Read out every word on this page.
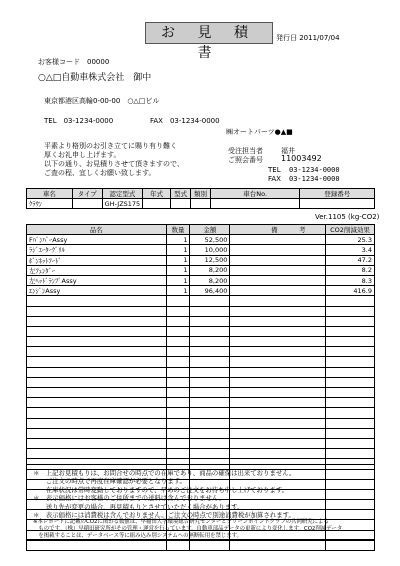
お 見 積 書
発行日 2011/07/04
お客様コード　00000
○△□自動車株式会社　御中
東京都港区高輪0-00-00　○△□ビル
TEL　03-1234-0000	FAX　03-1234-0000
㈱オートパーツ●▲■
平素より格別のお引き立てに賜り有り難く
厚くお礼申し上げます。
以下の通り、お見積りさせて頂きますので、
ご査の程、宜しくお願い致します。
受注担当者	福井
ご照会番号 11003492
TEL 03-1234-0000
FAX 03-1234-0000
車名	タイプ	認定型式	年式	型式	類別	車台No.	登録番号
ｸﾗｳﾝ		GH-JZS175					
Ver.1105 (kg-CO2)
品名	数量	金額	備	考	CO2削減効果
FﾊﾞﾝﾊﾟｰAssy	1	52,500			25.3
ﾗｼﾞｴｰﾀｰｸﾞﾘﾙ	1	10,000			3.4
ﾎﾞﾝﾈｯﾄﾌｰﾄﾞ	1	12,500			47.2
左ﾌｪﾝﾀﾞｰ	1	8,200			8.2
左ﾍｯﾄﾞﾗﾝﾌﾟAssy	1	8,200			8.3
ｴﾝｼﾞﾝAssy	1	96,400			416.9

＊　上記お見積もりは、お問合せの時点での在庫であり、商品の確保は出来ておりません。
　　ご注文の時点で再度在庫確認が必要となります。
　　在庫状況は常時変動しておりますので、早めのご注文をお待ち申し上げております。
＊　表示価格にはお客様のご住所までの送料は含んでおりません。
　　送り先が変更の場合、再見積もりとさせていただく場合があります。
＊　表示価格には消費税は含んでおりません。ご注文の時点で別途消費税が加算されます。
※本レポートに記載のCO2に関わる数値は、早稲田大学環境総合研究センターとグリーンポイントクラブの共同研究による
　ものです。（株）早稲田研究所がその管理・運営を行っています。自動車部品データの更新により変化します。CO2削減データ
　を掲載することは、データベース等に組み込み別システムへの無断転用を禁じます。
